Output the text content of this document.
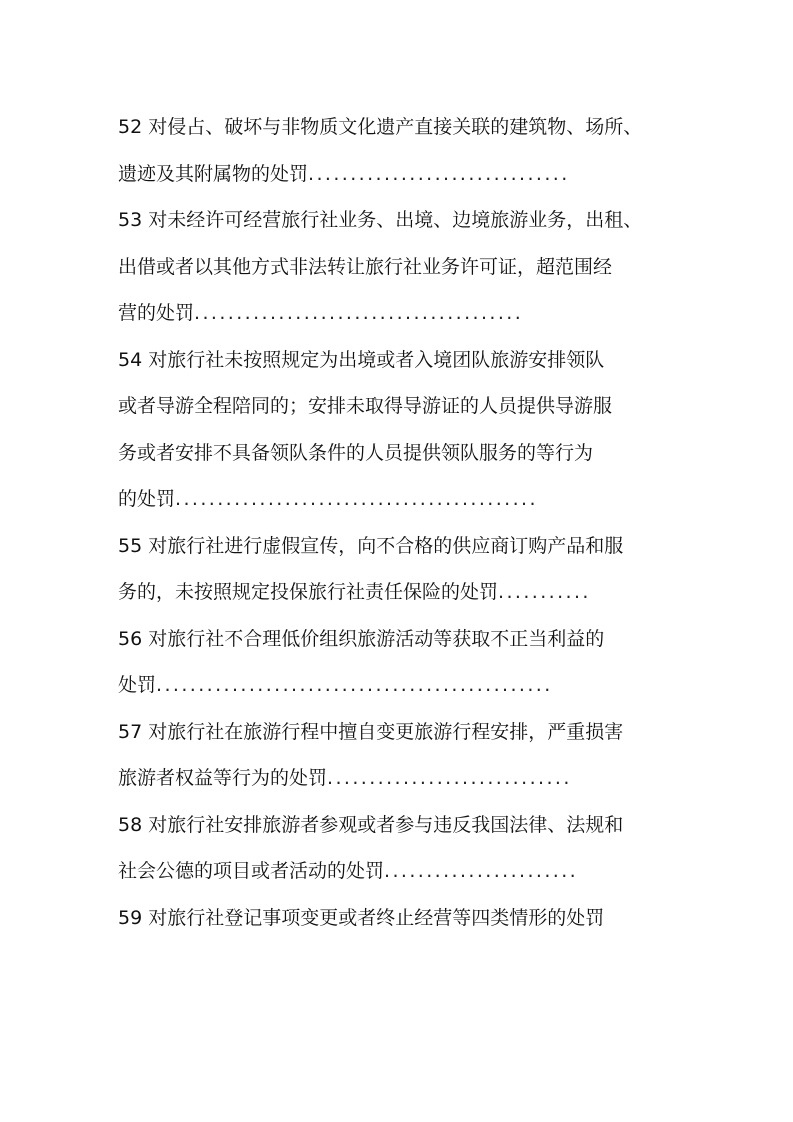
52 对侵占、破坏与非物质文化遗产直接关联的建筑物、场所、
遗迹及其附属物的处罚...............................
53 对未经许可经营旅行社业务、出境、边境旅游业务，出租、
出借或者以其他方式非法转让旅行社业务许可证，超范围经
营的处罚.......................................
54 对旅行社未按照规定为出境或者入境团队旅游安排领队
或者导游全程陪同的；安排未取得导游证的人员提供导游服
务或者安排不具备领队条件的人员提供领队服务的等行为
的处罚...........................................
55 对旅行社进行虚假宣传，向不合格的供应商订购产品和服
务的，未按照规定投保旅行社责任保险的处罚...........
56 对旅行社不合理低价组织旅游活动等获取不正当利益的
处罚...............................................
57 对旅行社在旅游行程中擅自变更旅游行程安排，严重损害
旅游者权益等行为的处罚.............................
58 对旅行社安排旅游者参观或者参与违反我国法律、法规和
社会公德的项目或者活动的处罚.......................
59 对旅行社登记事项变更或者终止经营等四类情形的处罚
